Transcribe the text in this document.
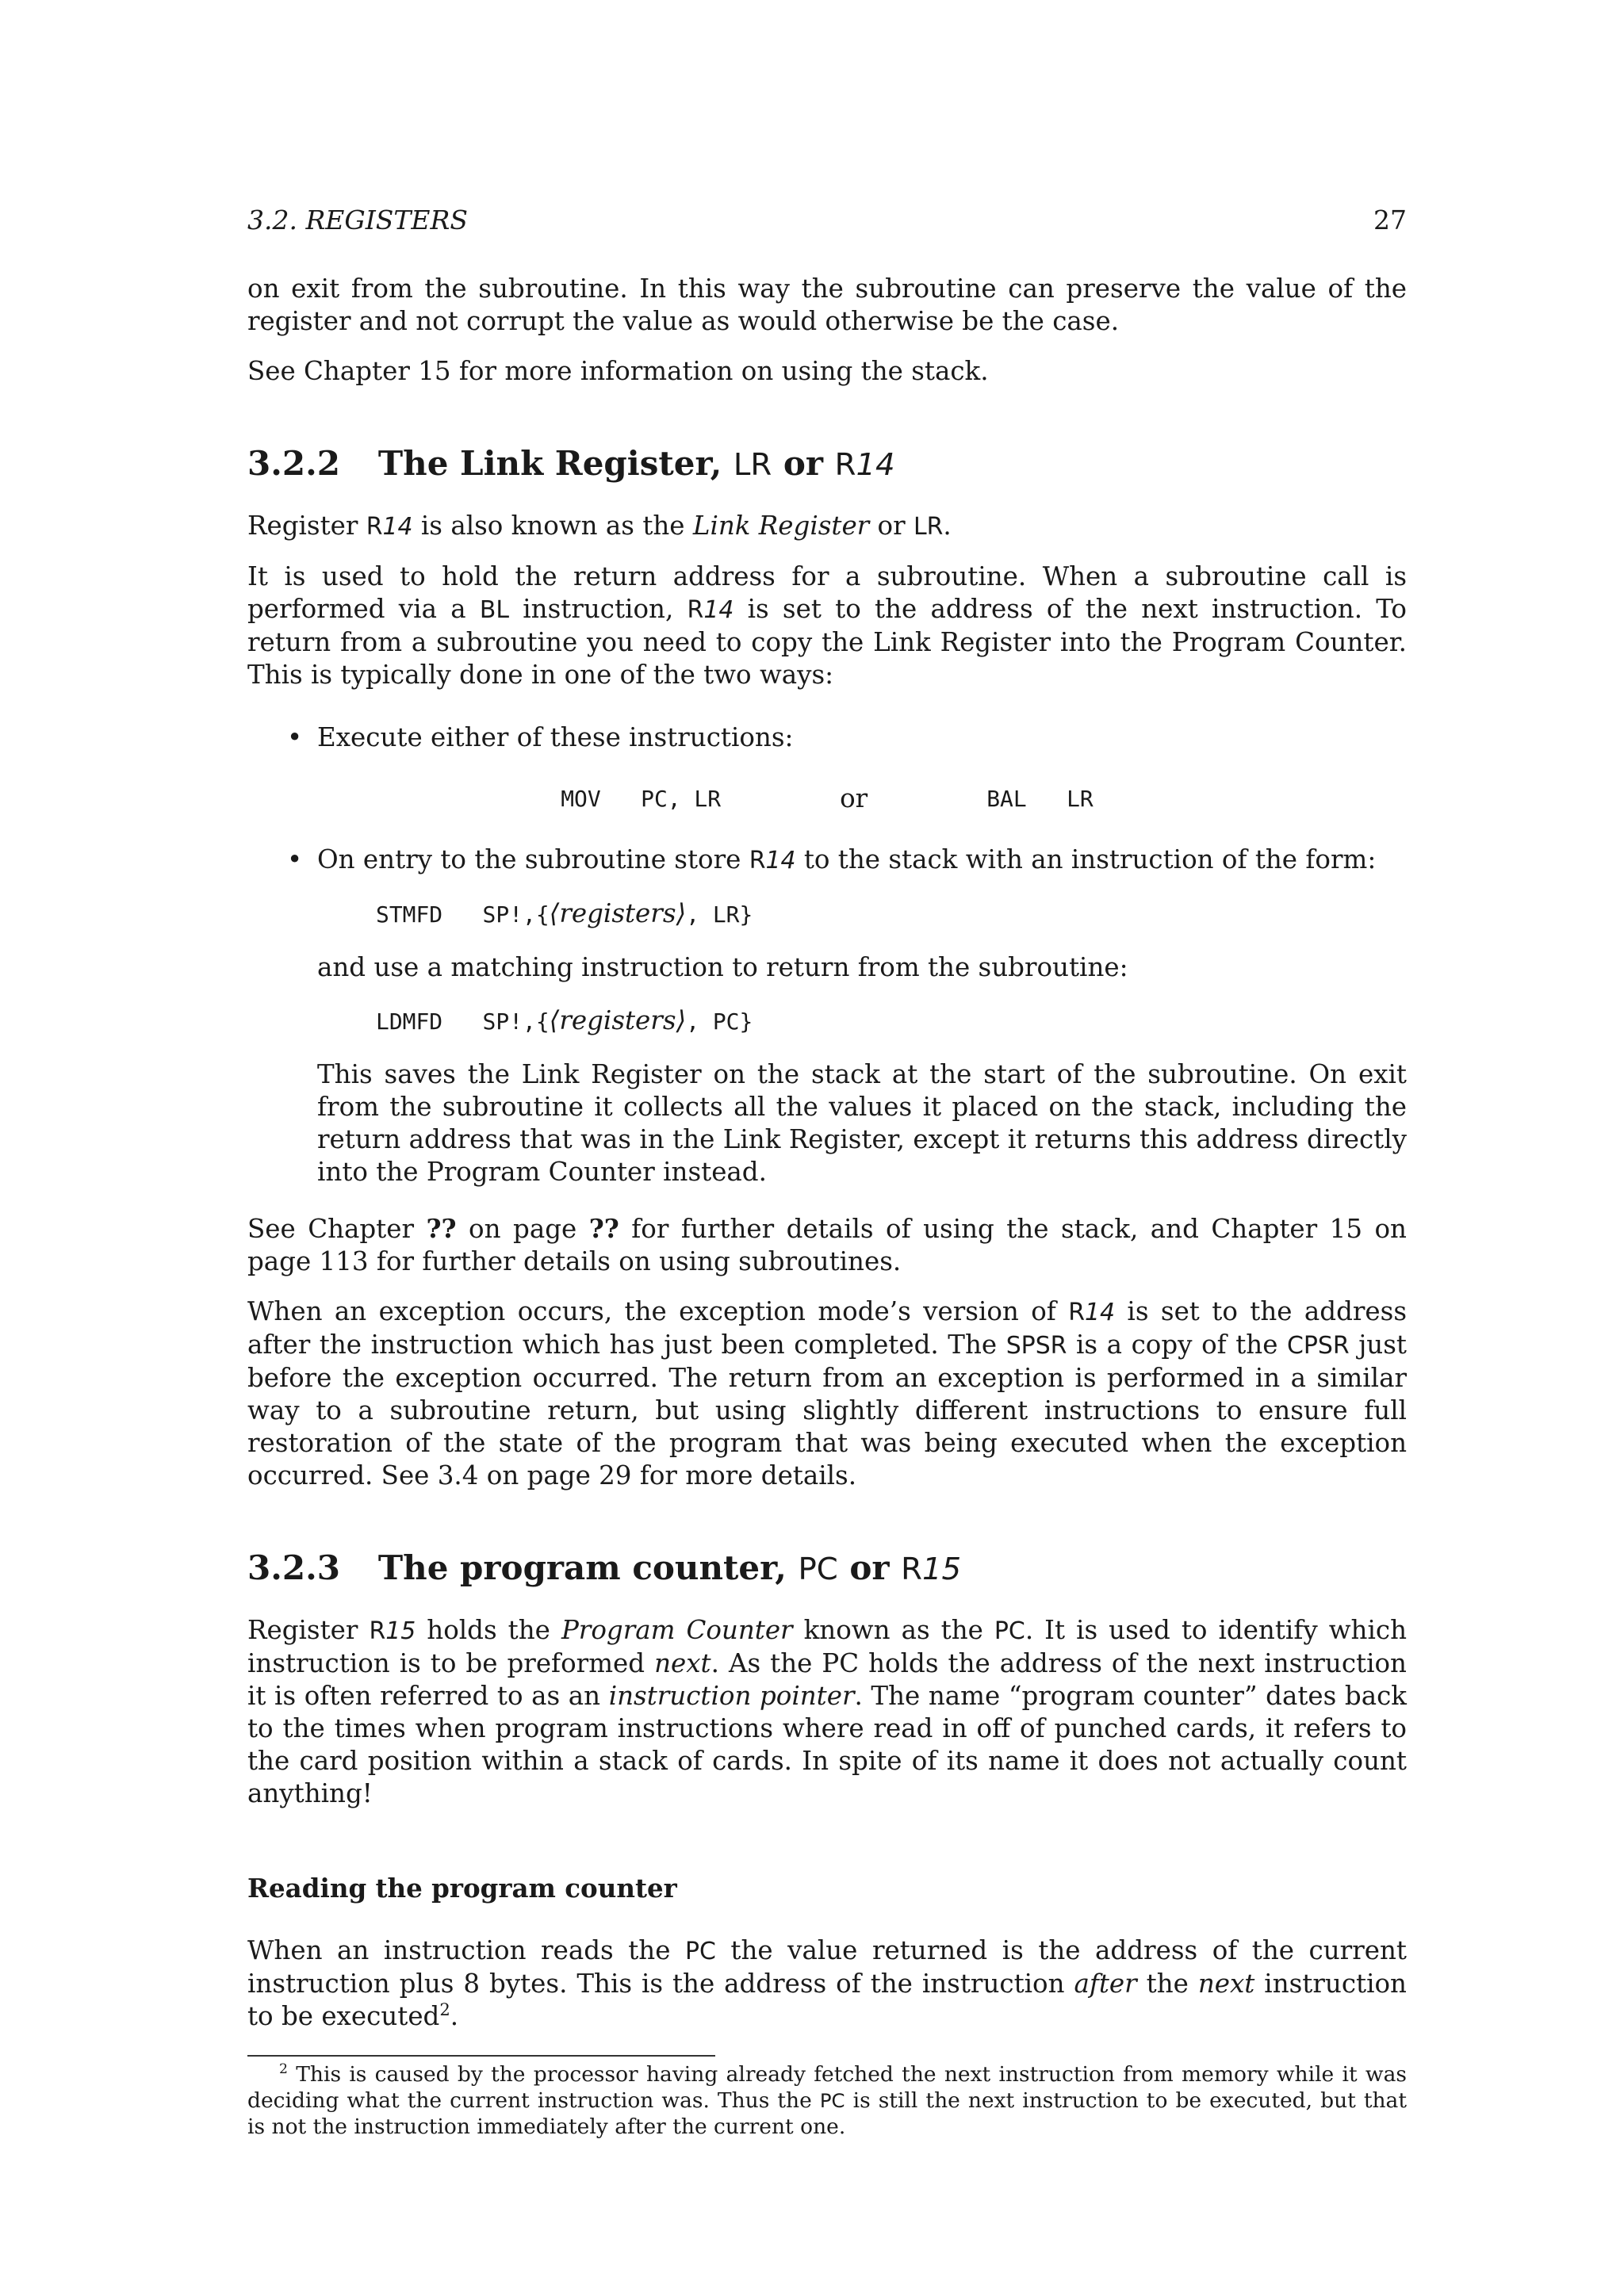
3.2. REGISTERS	27

on exit from the subroutine. In this way the subroutine can preserve the value of the register and not corrupt the value as would otherwise be the case.

See Chapter 15 for more information on using the stack.

3.2.2 The Link Register, LR or R14

Register R14 is also known as the Link Register or LR.

It is used to hold the return address for a subroutine. When a subroutine call is performed via a BL instruction, R14 is set to the address of the next instruction. To return from a subroutine you need to copy the Link Register into the Program Counter. This is typically done in one of the two ways:

• Execute either of these instructions:
MOV   PC, LR	or	BAL   LR
• On entry to the subroutine store R14 to the stack with an instruction of the form:
STMFD   SP!,{⟨registers⟩, LR}

and use a matching instruction to return from the subroutine:

LDMFD   SP!,{⟨registers⟩, PC}

This saves the Link Register on the stack at the start of the subroutine. On exit from the subroutine it collects all the values it placed on the stack, including the return address that was in the Link Register, except it returns this address directly into the Program Counter instead.

See Chapter ?? on page ?? for further details of using the stack, and Chapter 15 on page 113 for further details on using subroutines.

When an exception occurs, the exception mode’s version of R14 is set to the address after the instruction which has just been completed. The SPSR is a copy of the CPSR just before the exception occurred. The return from an exception is performed in a similar way to a subroutine return, but using slightly different instructions to ensure full restoration of the state of the program that was being executed when the exception occurred. See 3.4 on page 29 for more details.

3.2.3 The program counter, PC or R15

Register R15 holds the Program Counter known as the PC. It is used to identify which instruction is to be preformed next. As the PC holds the address of the next instruction it is often referred to as an instruction pointer. The name “program counter” dates back to the times when program instructions where read in off of punched cards, it refers to the card position within a stack of cards. In spite of its name it does not actually count anything!

Reading the program counter

When an instruction reads the PC the value returned is the address of the current instruction plus 8 bytes. This is the address of the instruction after the next instruction to be executed$^2$.

$^2$ This is caused by the processor having already fetched the next instruction from memory while it was deciding what the current instruction was. Thus the PC is still the next instruction to be executed, but that is not the instruction immediately after the current one.
